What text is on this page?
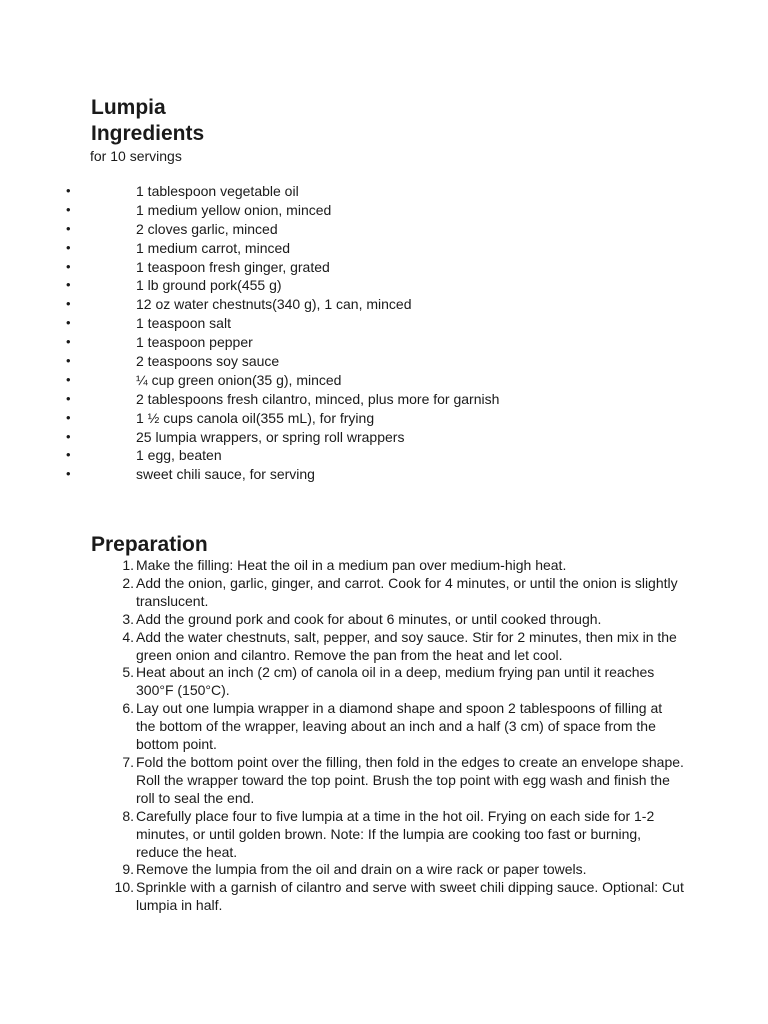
Lumpia
Ingredients

for 10 servings

•	1 tablespoon vegetable oil
•	1 medium yellow onion, minced
•	2 cloves garlic, minced
•	1 medium carrot, minced
•	1 teaspoon fresh ginger, grated
•	1 lb ground pork(455 g)
•	12 oz water chestnuts(340 g), 1 can, minced
•	1 teaspoon salt
•	1 teaspoon pepper
•	2 teaspoons soy sauce
•	¼ cup green onion(35 g), minced
•	2 tablespoons fresh cilantro, minced, plus more for garnish
•	1 ½ cups canola oil(355 mL), for frying
•	25 lumpia wrappers, or spring roll wrappers
•	1 egg, beaten
•	sweet chili sauce, for serving
Preparation
1. Make the filling: Heat the oil in a medium pan over medium-high heat.
2. Add the onion, garlic, ginger, and carrot. Cook for 4 minutes, or until the onion is slightly translucent.
3. Add the ground pork and cook for about 6 minutes, or until cooked through.
4. Add the water chestnuts, salt, pepper, and soy sauce. Stir for 2 minutes, then mix in the green onion and cilantro. Remove the pan from the heat and let cool.
5. Heat about an inch (2 cm) of canola oil in a deep, medium frying pan until it reaches 300°F (150°C).
6. Lay out one lumpia wrapper in a diamond shape and spoon 2 tablespoons of filling at the bottom of the wrapper, leaving about an inch and a half (3 cm) of space from the bottom point.
7. Fold the bottom point over the filling, then fold in the edges to create an envelope shape. Roll the wrapper toward the top point. Brush the top point with egg wash and finish the roll to seal the end.
8. Carefully place four to five lumpia at a time in the hot oil. Frying on each side for 1-2 minutes, or until golden brown. Note: If the lumpia are cooking too fast or burning, reduce the heat.
9. Remove the lumpia from the oil and drain on a wire rack or paper towels.
10. Sprinkle with a garnish of cilantro and serve with sweet chili dipping sauce. Optional: Cut lumpia in half.
